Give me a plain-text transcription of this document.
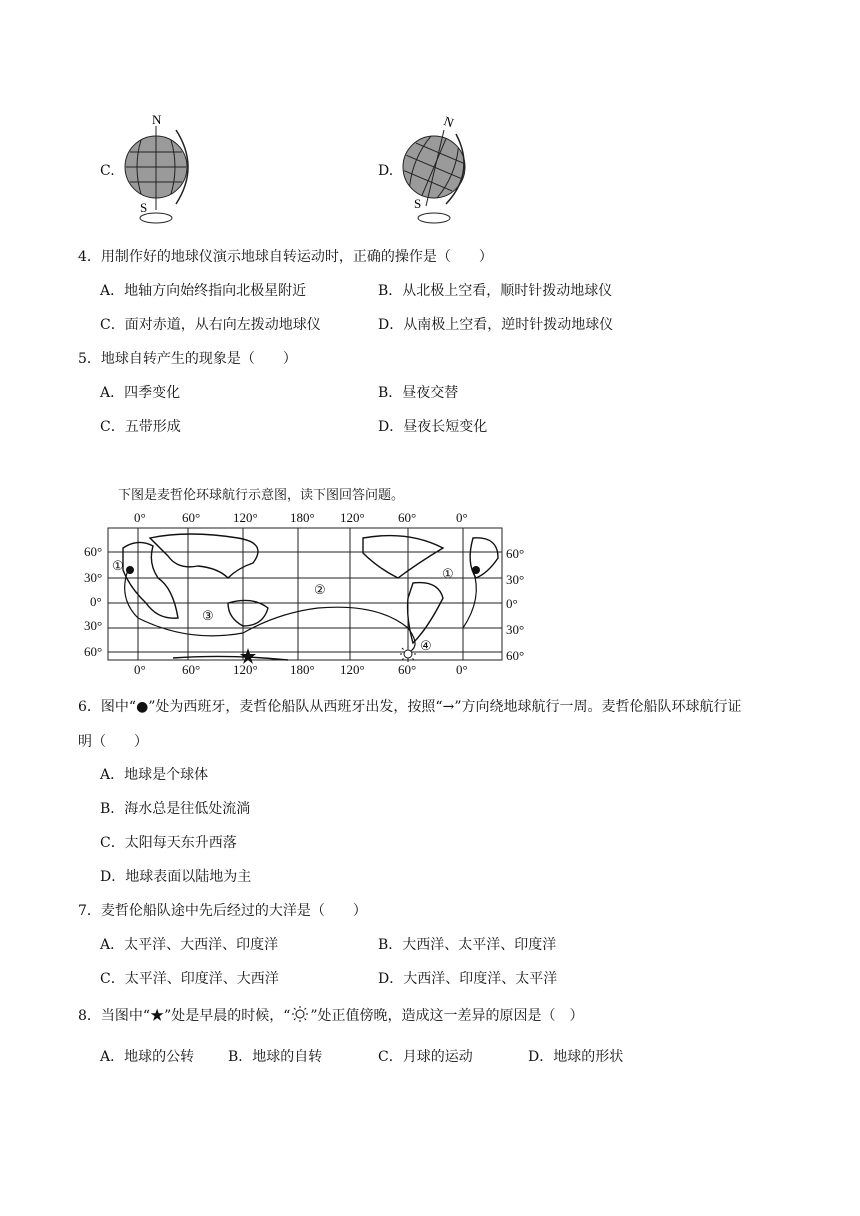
C.
N
S
D.
N
S
4．用制作好的地球仪演示地球自转运动时，正确的操作是（　　）
A．地轴方向始终指向北极星附近	B．从北极上空看，顺时针拨动地球仪
C．面对赤道，从右向左拨动地球仪	D．从南极上空看，逆时针拨动地球仪
5．地球自转产生的现象是（　　）
A．四季变化	B．昼夜交替
C．五带形成	D．昼夜长短变化
下图是麦哲伦环球航行示意图，读下图回答问题。
0°	60°	120° 180° 120°	60°	0°
0°	60°	120° 180° 120°	60°	0°
60°
30°
0°
30°
60°
60°
30°
0°
30°
60°
①
①
②
③
④
6．图中“●”处为西班牙，麦哲伦船队从西班牙出发，按照“→”方向绕地球航行一周。麦哲伦船队环球航行证
明（　　）
A．地球是个球体
B．海水总是往低处流淌
C．太阳每天东升西落
D．地球表面以陆地为主
7．麦哲伦船队途中先后经过的大洋是（　　）
A．太平洋、大西洋、印度洋	B．大西洋、太平洋、印度洋
C．太平洋、印度洋、大西洋	D．大西洋、印度洋、太平洋
8．当图中“★”处是早晨的时候，“ ”处正值傍晚，造成这一差异的原因是（　）
A．地球的公转 B．地球的自转	C．月球的运动	D．地球的形状
